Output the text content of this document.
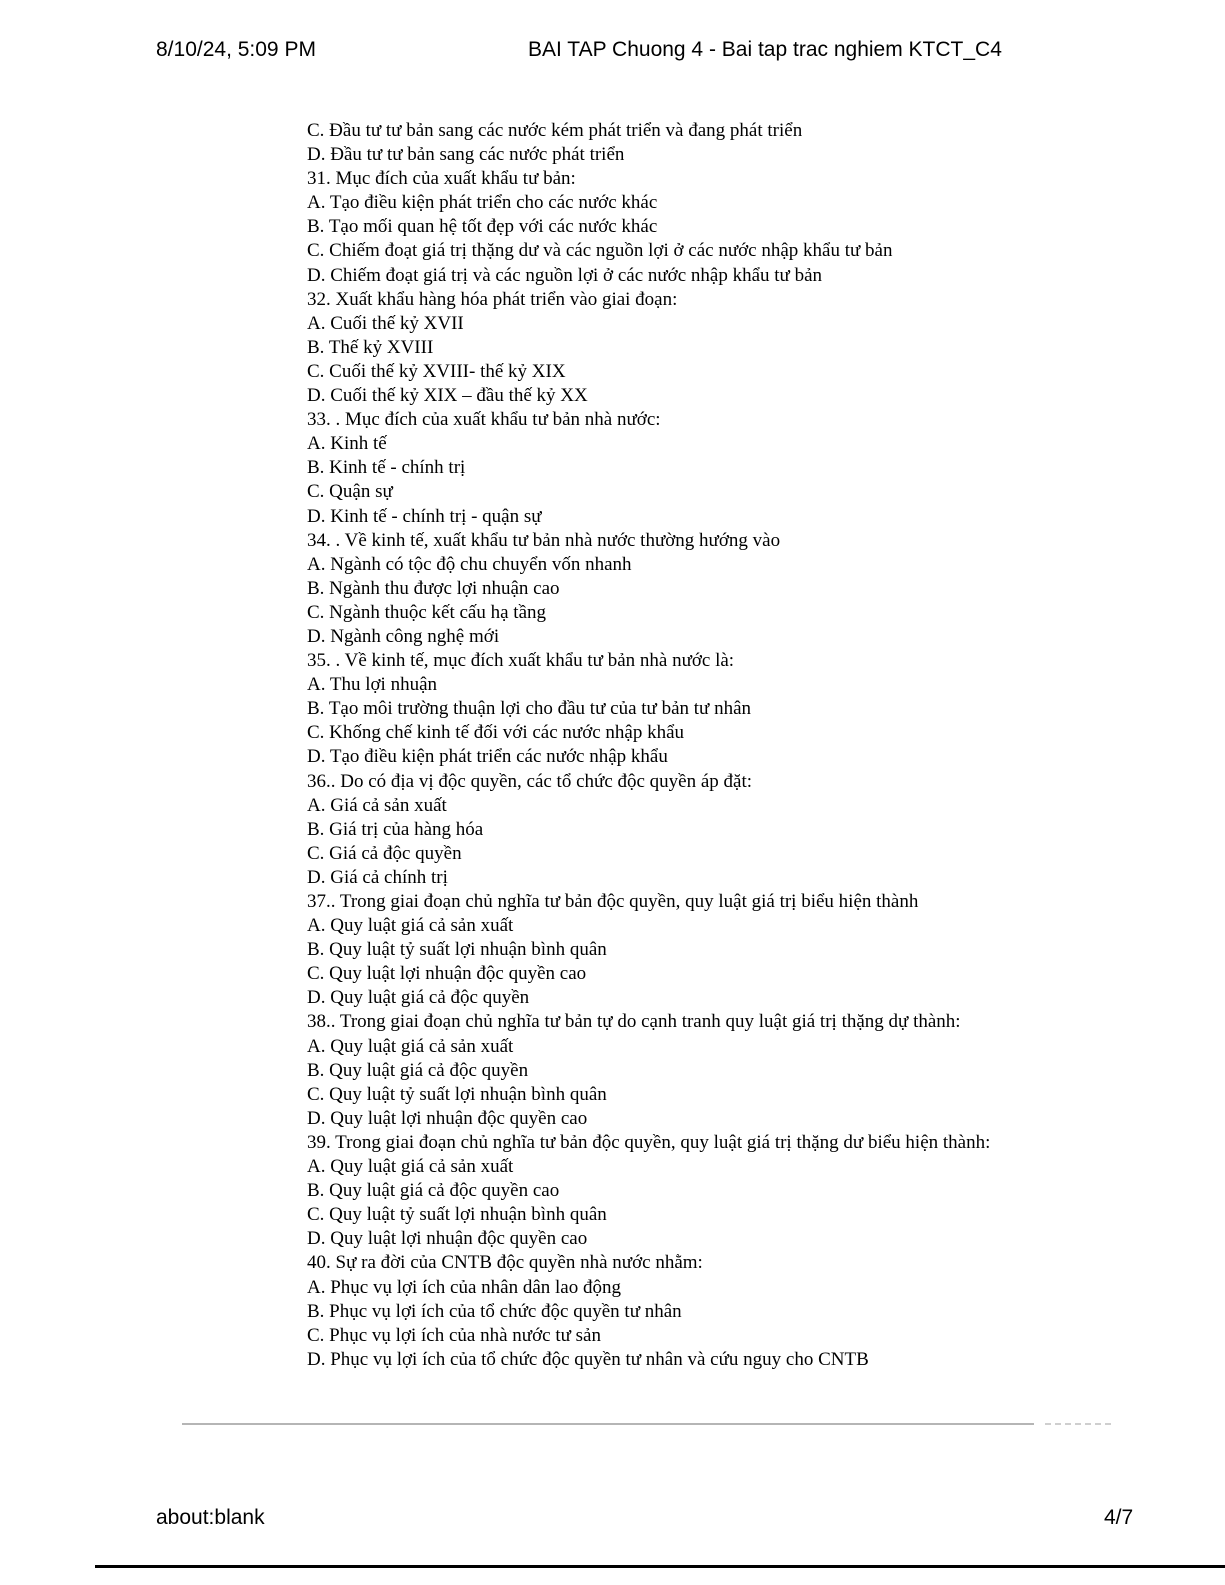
8/10/24, 5:09 PM	BAI TAP Chuong 4 - Bai tap trac nghiem KTCT_C4
C. Đầu tư tư bản sang các nước kém phát triển và đang phát triển
D. Đầu tư tư bản sang các nước phát triển
31. Mục đích của xuất khẩu tư bản:
A. Tạo điều kiện phát triển cho các nước khác
B. Tạo mối quan hệ tốt đẹp với các nước khác
C. Chiếm đoạt giá trị thặng dư và các nguồn lợi ở các nước nhập khẩu tư bản
D. Chiếm đoạt giá trị và các nguồn lợi ở các nước nhập khẩu tư bản
32. Xuất khẩu hàng hóa phát triển vào giai đoạn:
A. Cuối thế kỷ XVII
B. Thế kỷ XVIII
C. Cuối thế kỷ XVIII- thế kỷ XIX
D. Cuối thế kỷ XIX – đầu thế kỷ XX
33. . Mục đích của xuất khẩu tư bản nhà nước:
A. Kinh tế
B. Kinh tế - chính trị
C. Quận sự
D. Kinh tế - chính trị - quận sự
34. . Về kinh tế, xuất khẩu tư bản nhà nước thường hướng vào
A. Ngành có tộc độ chu chuyển vốn nhanh
B. Ngành thu được lợi nhuận cao
C. Ngành thuộc kết cấu hạ tầng
D. Ngành công nghệ mới
35. . Về kinh tế, mục đích xuất khẩu tư bản nhà nước là:
A. Thu lợi nhuận
B. Tạo môi trường thuận lợi cho đầu tư của tư bản tư nhân
C. Khống chế kinh tế đối với các nước nhập khẩu
D. Tạo điều kiện phát triển các nước nhập khẩu
36.. Do có địa vị độc quyền, các tổ chức độc quyền áp đặt:
A. Giá cả sản xuất
B. Giá trị của hàng hóa
C. Giá cả độc quyền
D. Giá cả chính trị
37.. Trong giai đoạn chủ nghĩa tư bản độc quyền, quy luật giá trị biểu hiện thành
A. Quy luật giá cả sản xuất
B. Quy luật tỷ suất lợi nhuận bình quân
C. Quy luật lợi nhuận độc quyền cao
D. Quy luật giá cả độc quyền
38.. Trong giai đoạn chủ nghĩa tư bản tự do cạnh tranh quy luật giá trị thặng dự thành:
A. Quy luật giá cả sản xuất
B. Quy luật giá cả độc quyền
C. Quy luật tỷ suất lợi nhuận bình quân
D. Quy luật lợi nhuận độc quyền cao
39. Trong giai đoạn chủ nghĩa tư bản độc quyền, quy luật giá trị thặng dư biểu hiện thành:
A. Quy luật giá cả sản xuất
B. Quy luật giá cả độc quyền cao
C. Quy luật tỷ suất lợi nhuận bình quân
D. Quy luật lợi nhuận độc quyền cao
40. Sự ra đời của CNTB độc quyền nhà nước nhằm:
A. Phục vụ lợi ích của nhân dân lao động
B. Phục vụ lợi ích của tổ chức độc quyền tư nhân
C. Phục vụ lợi ích của nhà nước tư sản
D. Phục vụ lợi ích của tổ chức độc quyền tư nhân và cứu nguy cho CNTB
about:blank	4/7
